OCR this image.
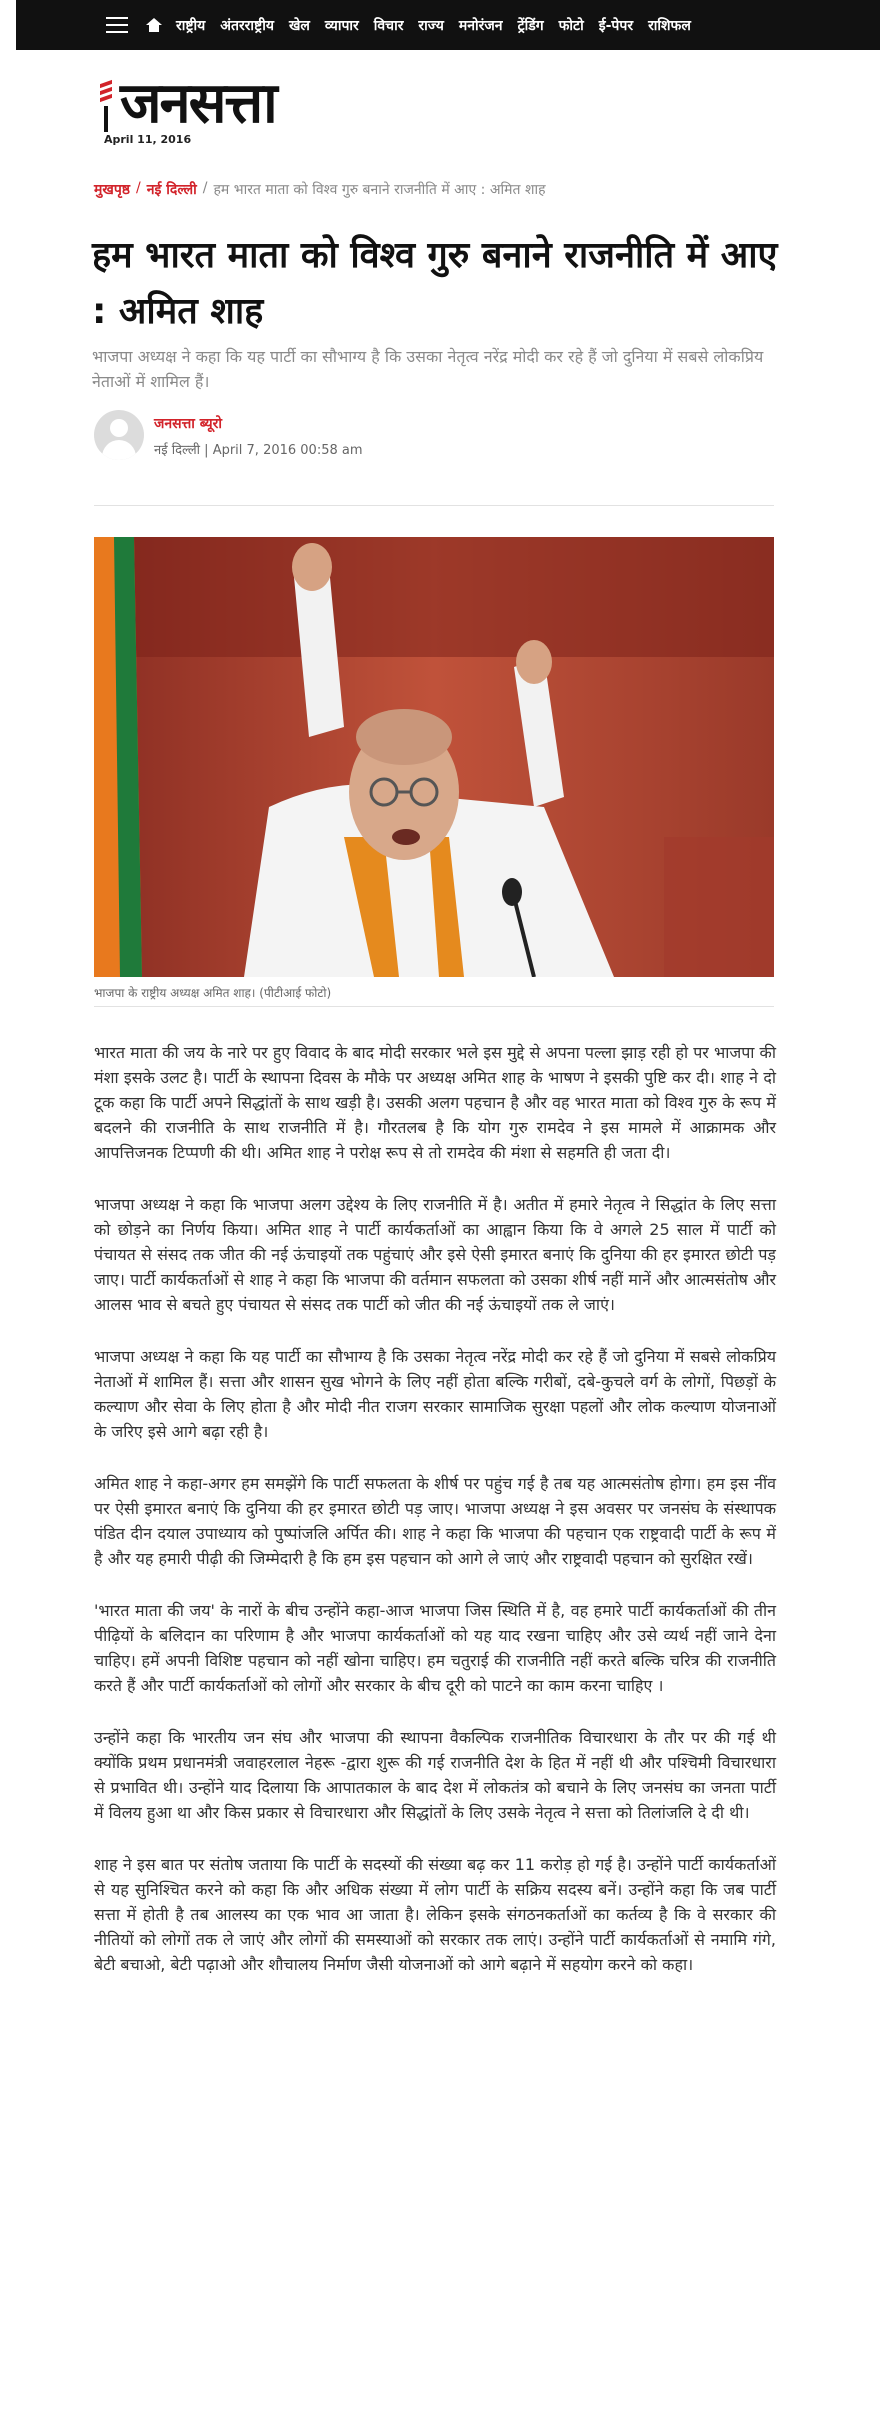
राष्ट्रीय अंतरराष्ट्रीय खेल व्यापार विचार राज्य मनोरंजन ट्रेंडिंग फोटो ई-पेपर राशिफल
जनसत्ता
April 11, 2016
मुखपृष्ठ / नई दिल्ली / हम भारत माता को विश्व गुरु बनाने राजनीति में आए : अमित शाह
हम भारत माता को विश्व गुरु बनाने राजनीति में आए : अमित शाह

भाजपा अध्यक्ष ने कहा कि यह पार्टी का सौभाग्य है कि उसका नेतृत्व नरेंद्र मोदी कर रहे हैं जो दुनिया में सबसे लोकप्रिय नेताओं में शामिल हैं।

जनसत्ता ब्यूरो
नई दिल्ली | April 7, 2016 00:58 am
भाजपा के राष्ट्रीय अध्यक्ष अमित शाह। (पीटीआई फोटो)

भारत माता की जय के नारे पर हुए विवाद के बाद मोदी सरकार भले इस मुद्दे से अपना पल्ला झाड़ रही हो पर भाजपा की मंशा इसके उलट है। पार्टी के स्थापना दिवस के मौके पर अध्यक्ष अमित शाह के भाषण ने इसकी पुष्टि कर दी। शाह ने दो टूक कहा कि पार्टी अपने सिद्धांतों के साथ खड़ी है। उसकी अलग पहचान है और वह भारत माता को विश्व गुरु के रूप में बदलने की राजनीति के साथ राजनीति में है। गौरतलब है कि योग गुरु रामदेव ने इस मामले में आक्रामक और आपत्तिजनक टिप्पणी की थी। अमित शाह ने परोक्ष रूप से तो रामदेव की मंशा से सहमति ही जता दी।

भाजपा अध्यक्ष ने कहा कि भाजपा अलग उद्देश्य के लिए राजनीति में है। अतीत में हमारे नेतृत्व ने सिद्धांत के लिए सत्ता को छोड़ने का निर्णय किया। अमित शाह ने पार्टी कार्यकर्ताओं का आह्वान किया कि वे अगले 25 साल में पार्टी को पंचायत से संसद तक जीत की नई ऊंचाइयों तक पहुंचाएं और इसे ऐसी इमारत बनाएं कि दुनिया की हर इमारत छोटी पड़ जाए। पार्टी कार्यकर्ताओं से शाह ने कहा कि भाजपा की वर्तमान सफलता को उसका शीर्ष नहीं मानें और आत्मसंतोष और आलस भाव से बचते हुए पंचायत से संसद तक पार्टी को जीत की नई ऊंचाइयों तक ले जाएं।

भाजपा अध्यक्ष ने कहा कि यह पार्टी का सौभाग्य है कि उसका नेतृत्व नरेंद्र मोदी कर रहे हैं जो दुनिया में सबसे लोकप्रिय नेताओं में शामिल हैं। सत्ता और शासन सुख भोगने के लिए नहीं होता बल्कि गरीबों, दबे-कुचले वर्ग के लोगों, पिछड़ों के कल्याण और सेवा के लिए होता है और मोदी नीत राजग सरकार सामाजिक सुरक्षा पहलों और लोक कल्याण योजनाओं के जरिए इसे आगे बढ़ा रही है।

अमित शाह ने कहा-अगर हम समझेंगे कि पार्टी सफलता के शीर्ष पर पहुंच गई है तब यह आत्मसंतोष होगा। हम इस नींव पर ऐसी इमारत बनाएं कि दुनिया की हर इमारत छोटी पड़ जाए। भाजपा अध्यक्ष ने इस अवसर पर जनसंघ के संस्थापक पंडित दीन दयाल उपाध्याय को पुष्पांजलि अर्पित की। शाह ने कहा कि भाजपा की पहचान एक राष्ट्रवादी पार्टी के रूप में है और यह हमारी पीढ़ी की जिम्मेदारी है कि हम इस पहचान को आगे ले जाएं और राष्ट्रवादी पहचान को सुरक्षित रखें।

'भारत माता की जय' के नारों के बीच उन्होंने कहा-आज भाजपा जिस स्थिति में है, वह हमारे पार्टी कार्यकर्ताओं की तीन पीढ़ियों के बलिदान का परिणाम है और भाजपा कार्यकर्ताओं को यह याद रखना चाहिए और उसे व्यर्थ नहीं जाने देना चाहिए। हमें अपनी विशिष्ट पहचान को नहीं खोना चाहिए। हम चतुराई की राजनीति नहीं करते बल्कि चरित्र की राजनीति करते हैं और पार्टी कार्यकर्ताओं को लोगों और सरकार के बीच दूरी को पाटने का काम करना चाहिए ।

उन्होंने कहा कि भारतीय जन संघ और भाजपा की स्थापना वैकल्पिक राजनीतिक विचारधारा के तौर पर की गई थी क्योंकि प्रथम प्रधानमंत्री जवाहरलाल नेहरू -द्वारा शुरू की गई राजनीति देश के हित में नहीं थी और पश्चिमी विचारधारा से प्रभावित थी। उन्होंने याद दिलाया कि आपातकाल के बाद देश में लोकतंत्र को बचाने के लिए जनसंघ का जनता पार्टी में विलय हुआ था और किस प्रकार से विचारधारा और सिद्धांतों के लिए उसके नेतृत्व ने सत्ता को तिलांजलि दे दी थी।

शाह ने इस बात पर संतोष जताया कि पार्टी के सदस्यों की संख्या बढ़ कर 11 करोड़ हो गई है। उन्होंने पार्टी कार्यकर्ताओं से यह सुनिश्चित करने को कहा कि और अधिक संख्या में लोग पार्टी के सक्रिय सदस्य बनें। उन्होंने कहा कि जब पार्टी सत्ता में होती है तब आलस्य का एक भाव आ जाता है। लेकिन इसके संगठनकर्ताओं का कर्तव्य है कि वे सरकार की नीतियों को लोगों तक ले जाएं और लोगों की समस्याओं को सरकार तक लाएं। उन्होंने पार्टी कार्यकर्ताओं से नमामि गंगे, बेटी बचाओ, बेटी पढ़ाओ और शौचालय निर्माण जैसी योजनाओं को आगे बढ़ाने में सहयोग करने को कहा।
